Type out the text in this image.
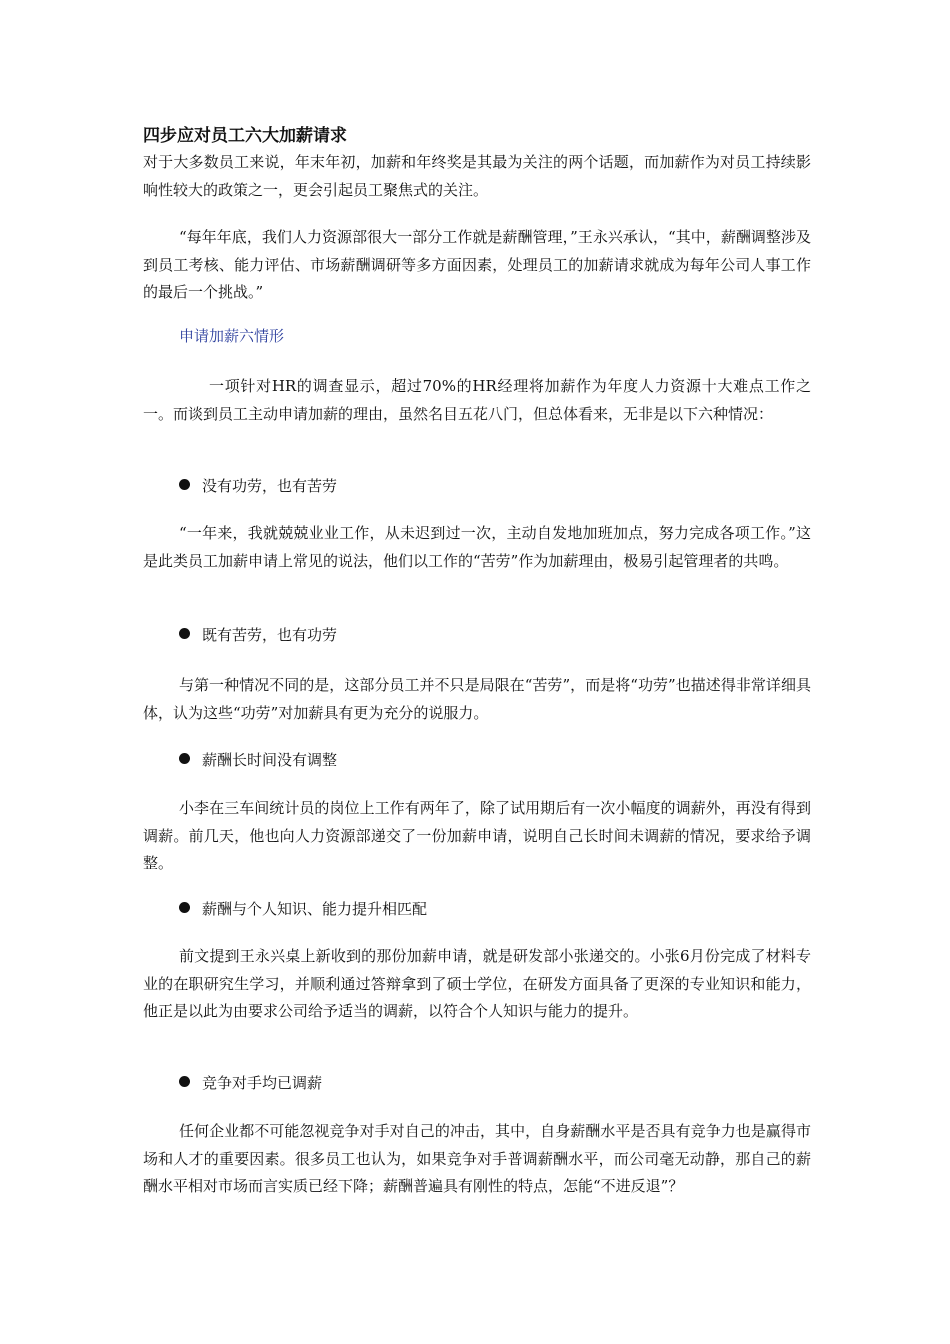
四步应对员工六大加薪请求
对于大多数员工来说，年末年初，加薪和年终奖是其最为关注的两个话题，而加薪作为对员工持续影响性较大的政策之一，更会引起员工聚焦式的关注。
“每年年底，我们人力资源部很大一部分工作就是薪酬管理，”王永兴承认，“其中，薪酬调整涉及到员工考核、能力评估、市场薪酬调研等多方面因素，处理员工的加薪请求就成为每年公司人事工作的最后一个挑战。”
申请加薪六情形
一项针对HR的调查显示，超过70%的HR经理将加薪作为年度人力资源十大难点工作之一。而谈到员工主动申请加薪的理由，虽然名目五花八门，但总体看来，无非是以下六种情况：
没有功劳，也有苦劳
“一年来，我就兢兢业业工作，从未迟到过一次，主动自发地加班加点，努力完成各项工作。”这是此类员工加薪申请上常见的说法，他们以工作的“苦劳”作为加薪理由，极易引起管理者的共鸣。
既有苦劳，也有功劳
与第一种情况不同的是，这部分员工并不只是局限在“苦劳”，而是将“功劳”也描述得非常详细具体，认为这些“功劳”对加薪具有更为充分的说服力。
薪酬长时间没有调整
小李在三车间统计员的岗位上工作有两年了，除了试用期后有一次小幅度的调薪外，再没有得到调薪。前几天，他也向人力资源部递交了一份加薪申请，说明自己长时间未调薪的情况，要求给予调整。
薪酬与个人知识、能力提升相匹配
前文提到王永兴桌上新收到的那份加薪申请，就是研发部小张递交的。小张6月份完成了材料专业的在职研究生学习，并顺利通过答辩拿到了硕士学位，在研发方面具备了更深的专业知识和能力，他正是以此为由要求公司给予适当的调薪，以符合个人知识与能力的提升。
竞争对手均已调薪
任何企业都不可能忽视竞争对手对自己的冲击，其中，自身薪酬水平是否具有竞争力也是赢得市场和人才的重要因素。很多员工也认为，如果竞争对手普调薪酬水平，而公司毫无动静，那自己的薪酬水平相对市场而言实质已经下降；薪酬普遍具有刚性的特点，怎能“不进反退”？
